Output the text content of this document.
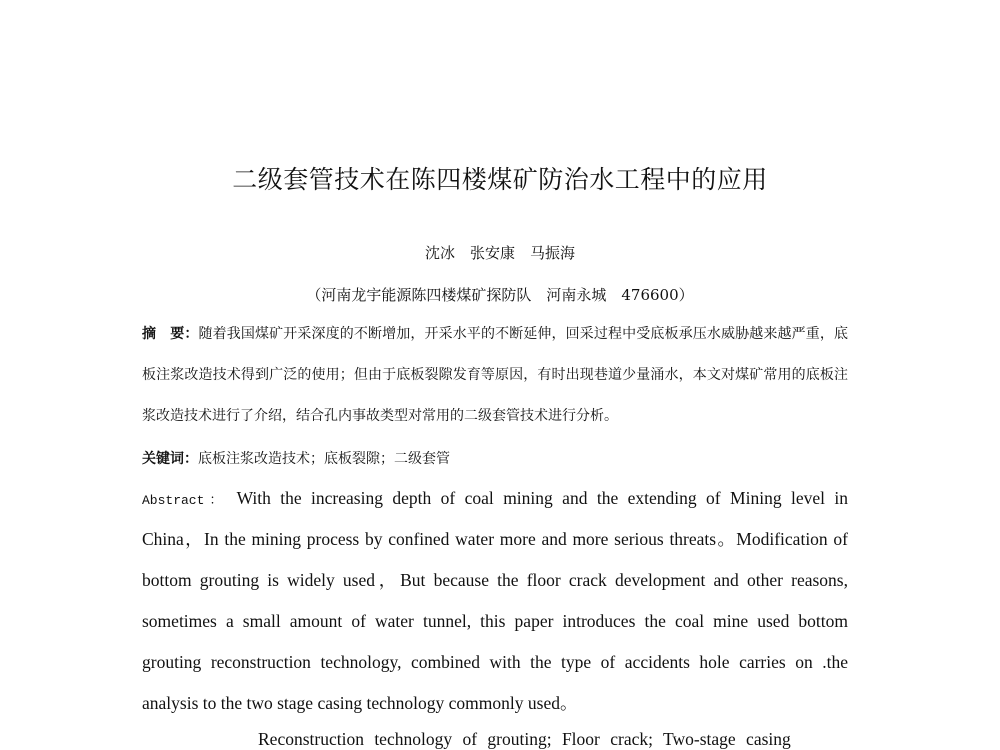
二级套管技术在陈四楼煤矿防治水工程中的应用
沈冰　张安康　马振海
（河南龙宇能源陈四楼煤矿探防队　河南永城　476600）
摘　要：随着我国煤矿开采深度的不断增加，开采水平的不断延伸，回采过程中受底板承压水威胁越来越严重，底板注浆改造技术得到广泛的使用；但由于底板裂隙发育等原因，有时出现巷道少量涌水，本文对煤矿常用的底板注浆改造技术进行了介绍，结合孔内事故类型对常用的二级套管技术进行分析。
关键词：底板注浆改造技术；底板裂隙；二级套管
Abstract： With the increasing depth of coal mining and the extending of Mining level in
China，In the mining process by confined water more and more serious threats。Modification of
bottom grouting is widely used，But because the floor crack development and other reasons,
sometimes a small amount of water tunnel, this paper introduces the coal mine used bottom
grouting reconstruction technology, combined with the type of accidents hole carries on .the
analysis to the two stage casing technology commonly used。
Reconstruction technology of grouting; Floor crack; Two-stage casing
